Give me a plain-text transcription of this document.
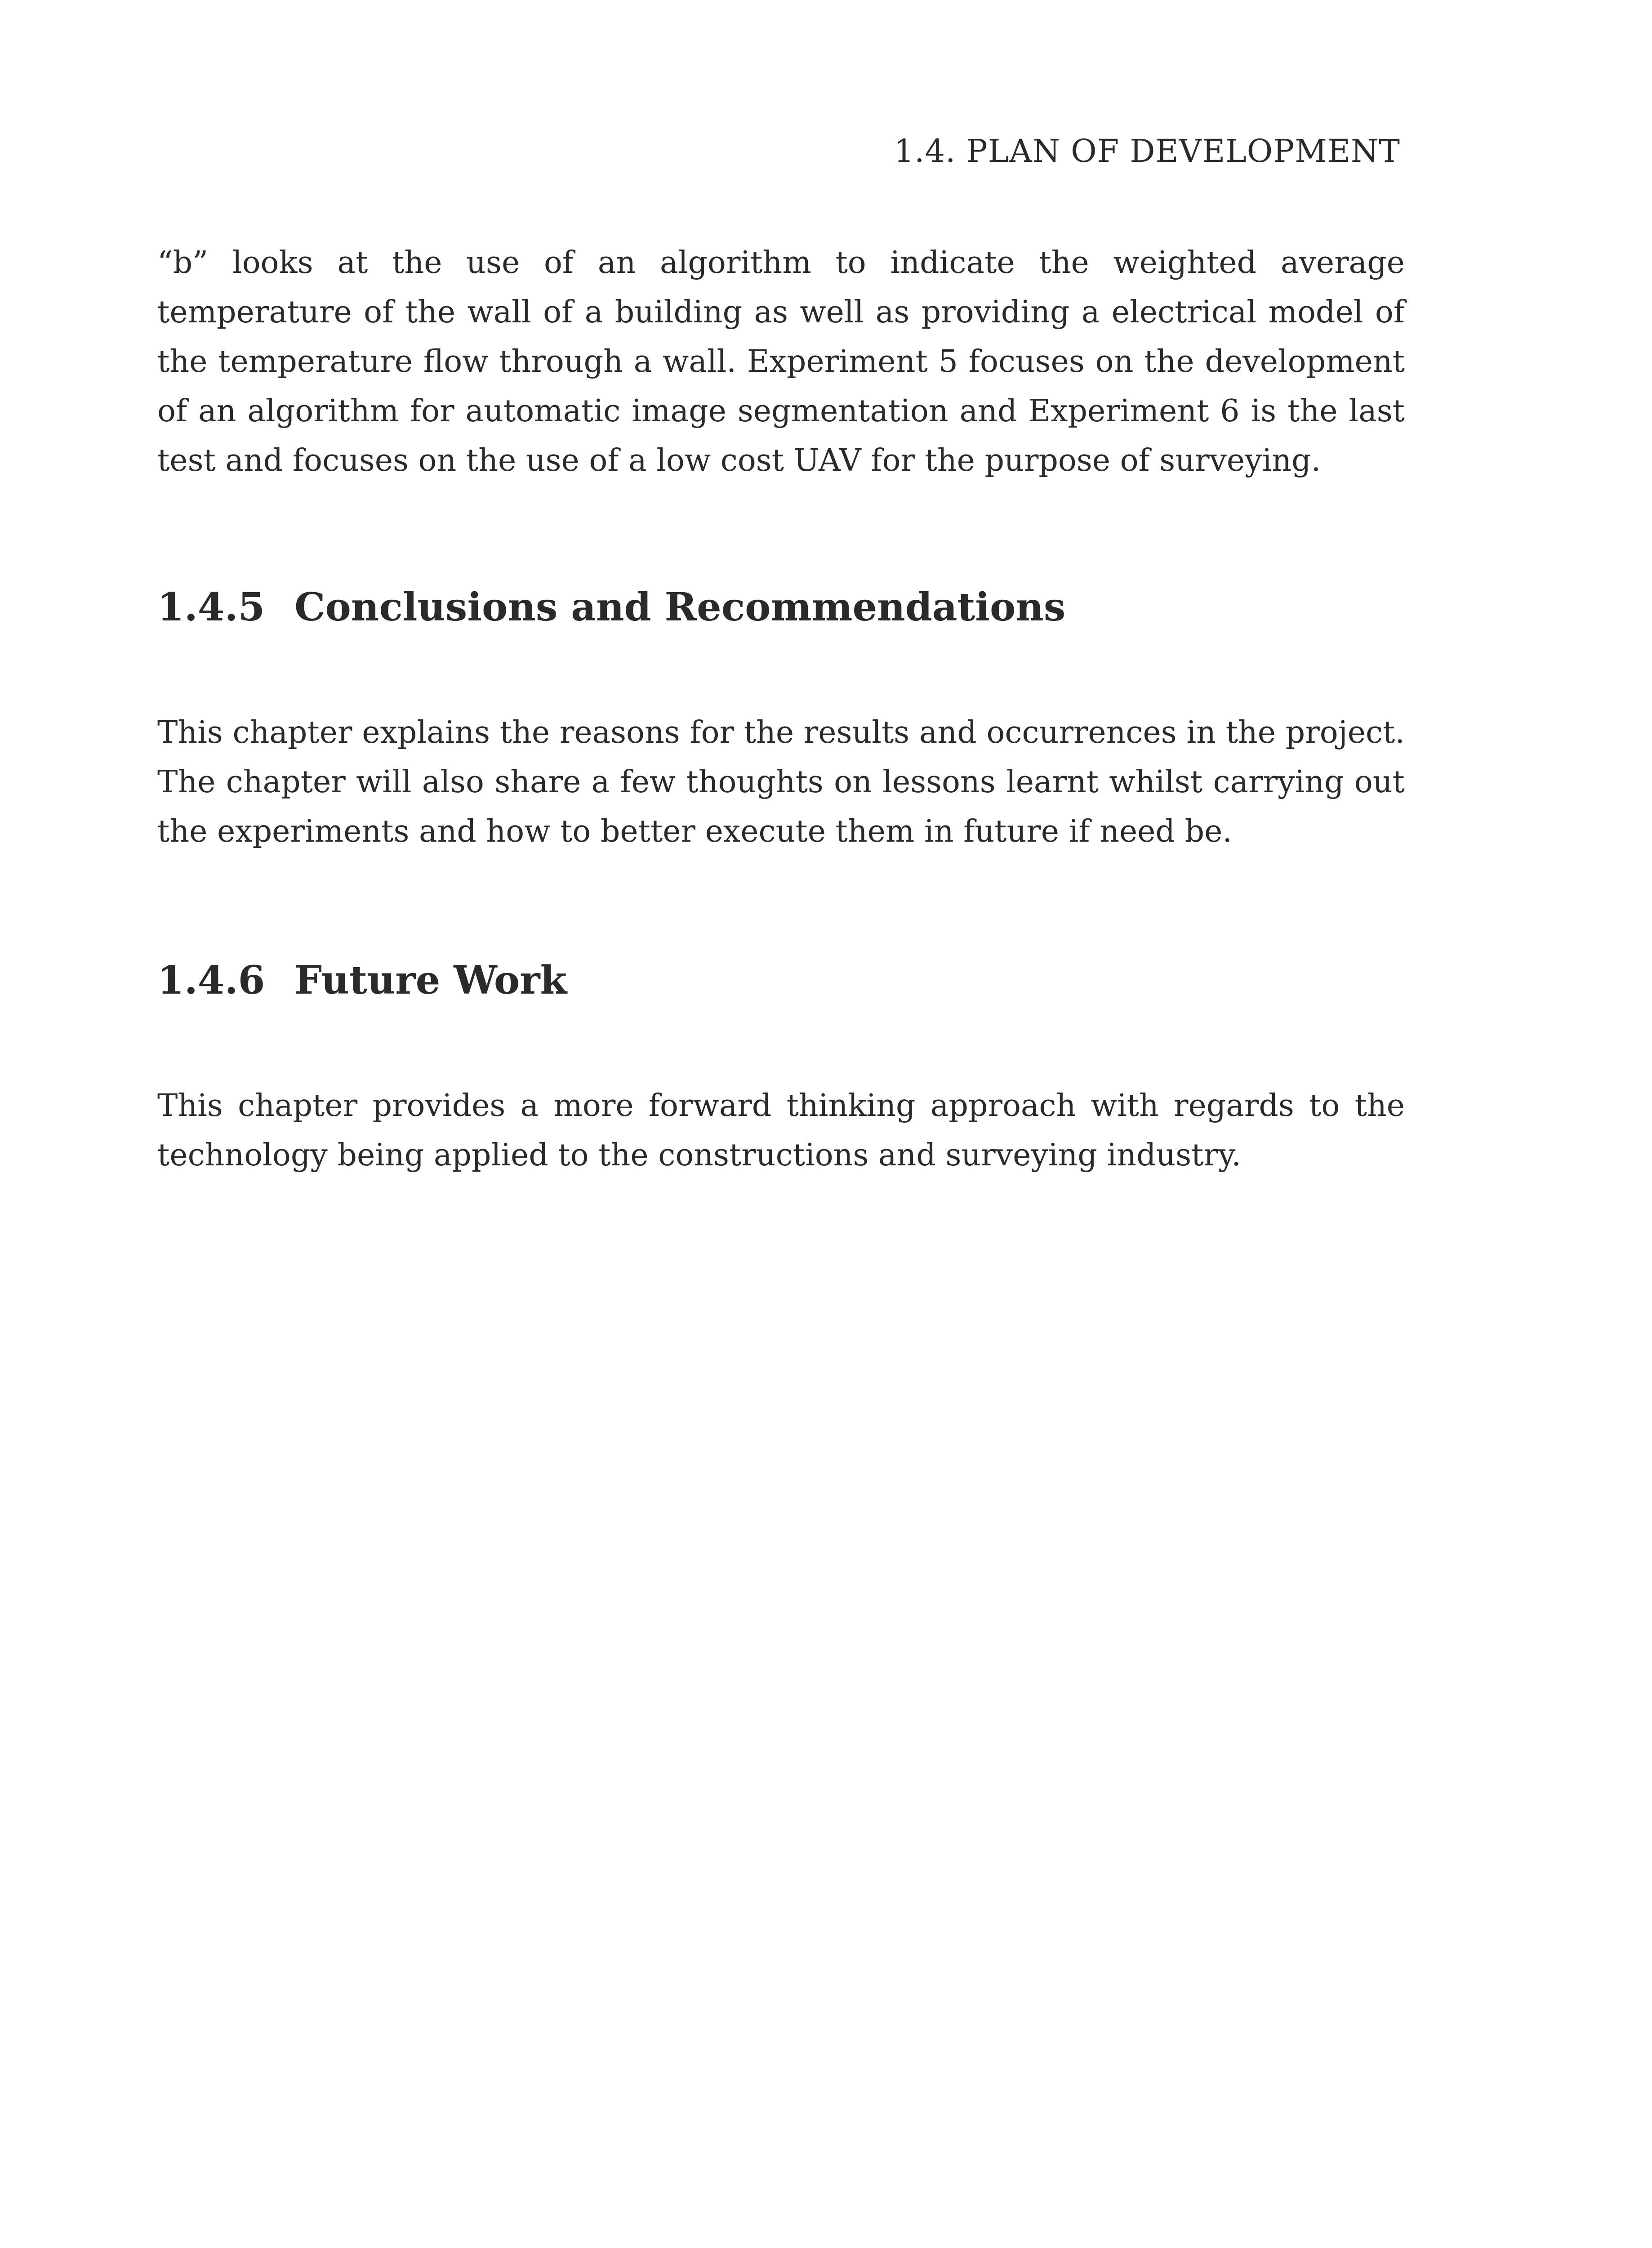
1.4. PLAN OF DEVELOPMENT

“b” looks at the use of an algorithm to indicate the weighted average temperature of the wall of a building as well as providing a electrical model of the temperature flow through a wall. Experiment 5 focuses on the development of an algorithm for automatic image segmentation and Experiment 6 is the last test and focuses on the use of a low cost UAV for the purpose of surveying.

1.4.5 Conclusions and Recommendations

This chapter explains the reasons for the results and occurrences in the project. The chapter will also share a few thoughts on lessons learnt whilst carrying out the experiments and how to better execute them in future if need be.

1.4.6 Future Work

This chapter provides a more forward thinking approach with regards to the technology being applied to the constructions and surveying industry.
